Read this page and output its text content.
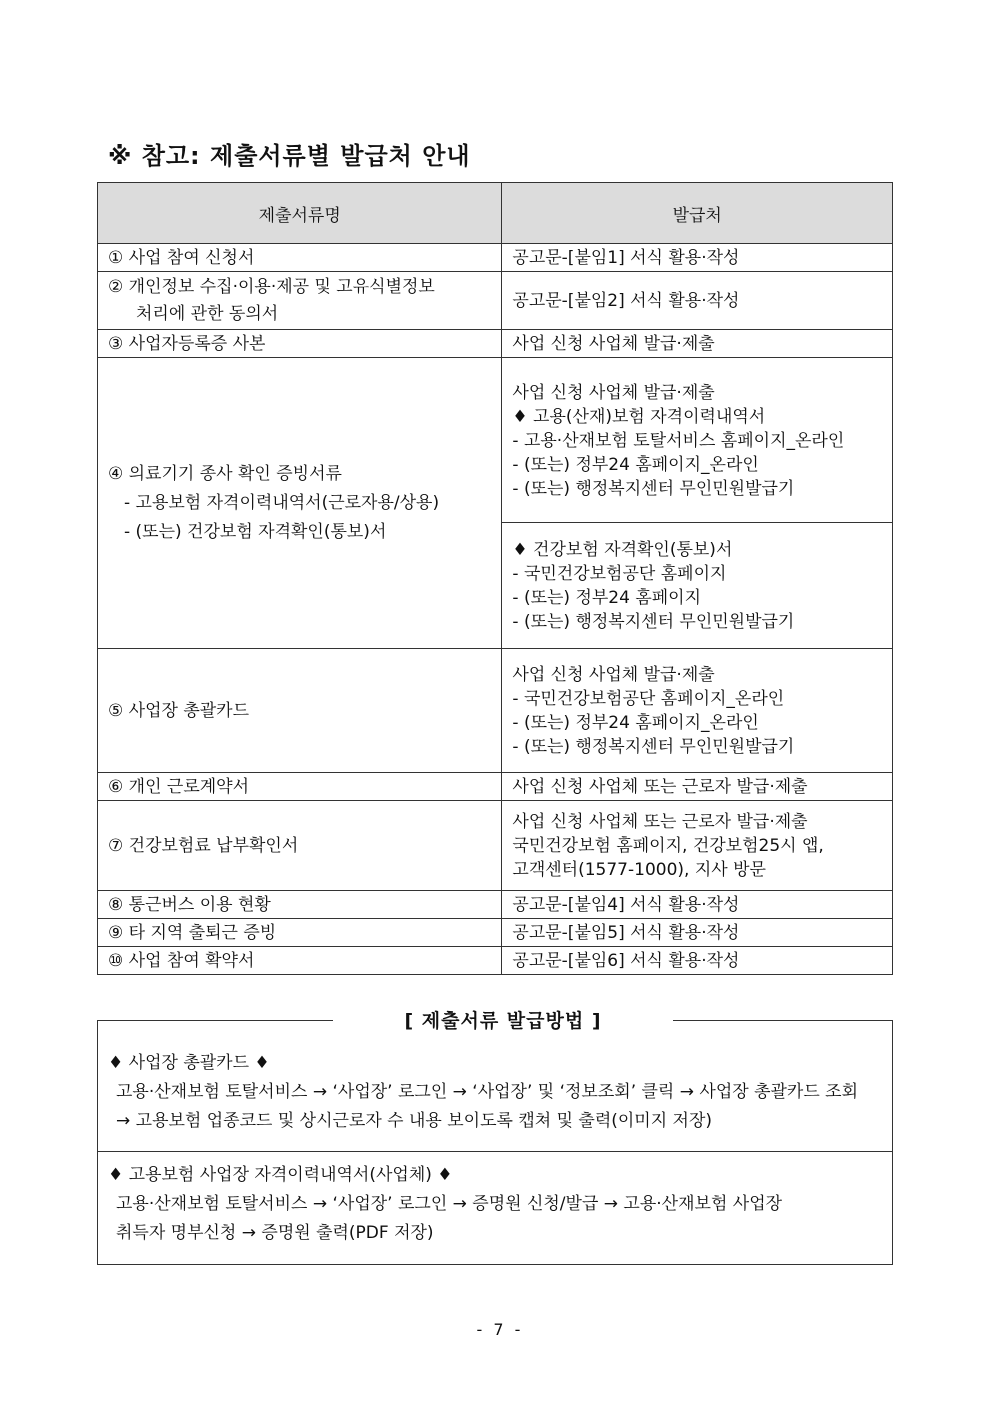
※ 참고: 제출서류별 발급처 안내
제출서류명	발급처

① 사업 참여 신청서	공고문-[붙임1] 서식 활용·작성

② 개인정보 수집·이용·제공 및 고유식별정보
처리에 관한 동의서	공고문-[붙임2] 서식 활용·작성

③ 사업자등록증 사본	사업 신청 사업체 발급·제출

④ 의료기기 종사 확인 증빙서류
- 고용보험 자격이력내역서(근로자용/상용)
- (또는) 건강보험 자격확인(통보)서	사업 신청 사업체 발급·제출
♦ 고용(산재)보험 자격이력내역서
- 고용·산재보험 토탈서비스 홈페이지_온라인
- (또는) 정부24 홈페이지_온라인
- (또는) 행정복지센터 무인민원발급기

	♦ 건강보험 자격확인(통보)서
- 국민건강보험공단 홈페이지
- (또는) 정부24 홈페이지
- (또는) 행정복지센터 무인민원발급기

⑤ 사업장 총괄카드	사업 신청 사업체 발급·제출
- 국민건강보험공단 홈페이지_온라인
- (또는) 정부24 홈페이지_온라인
- (또는) 행정복지센터 무인민원발급기

⑥ 개인 근로계약서	사업 신청 사업체 또는 근로자 발급·제출

⑦ 건강보험료 납부확인서	사업 신청 사업체 또는 근로자 발급·제출
국민건강보험 홈페이지, 건강보험25시 앱,
고객센터(1577-1000), 지사 방문

⑧ 통근버스 이용 현황	공고문-[붙임4] 서식 활용·작성

⑨ 타 지역 출퇴근 증빙	공고문-[붙임5] 서식 활용·작성

⑩ 사업 참여 확약서	공고문-[붙임6] 서식 활용·작성
♦ 사업장 총괄카드 ♦
고용·산재보험 토탈서비스 → ‘사업장’ 로그인 → ‘사업장’ 및 ‘정보조회’ 클릭 → 사업장 총괄카드 조회
→ 고용보험 업종코드 및 상시근로자 수 내용 보이도록 캡쳐 및 출력(이미지 저장)
♦ 고용보험 사업장 자격이력내역서(사업체) ♦
고용·산재보험 토탈서비스 → ‘사업장’ 로그인 → 증명원 신청/발급 → 고용·산재보험 사업장
취득자 명부신청 → 증명원 출력(PDF 저장)
[ 제출서류 발급방법 ]
- 7 -
